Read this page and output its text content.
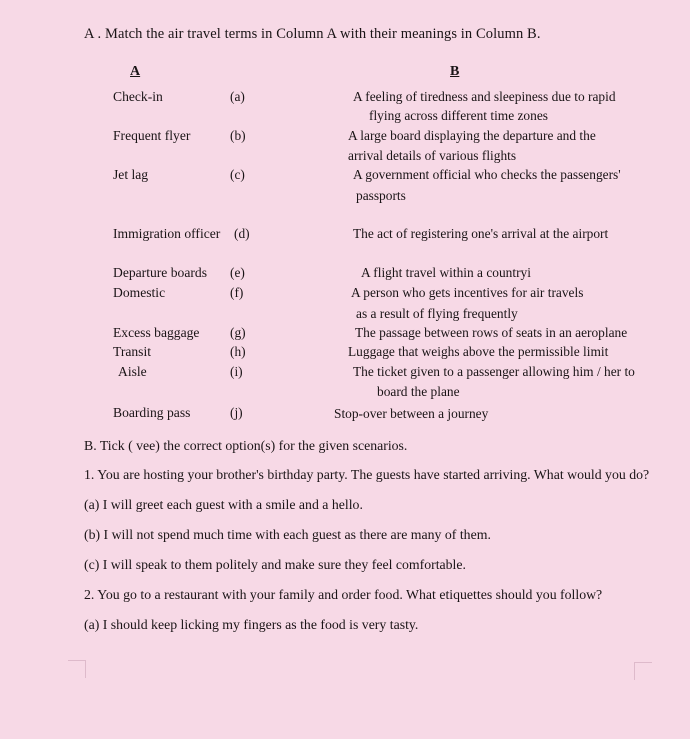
A . Match the air travel terms in Column A with their meanings in Column B.
A	B
Check-in
Frequent flyer
Jet lag
Immigration officer
Departure boards
Domestic
Excess baggage
Transit
Aisle
Boarding pass
(a)
(b)
(c)
(d)
(e)
(f)
(g)
(h)
(i)
(j)
A feeling of tiredness and sleepiness due to rapid
flying across different time zones
A large board displaying the departure and the
arrival details of various flights
A government official who checks the passengers'
passports
The act of registering one's arrival at the airport
A flight travel within a countryi
A person who gets incentives for air travels
as a result of flying frequently
The passage between rows of seats in an aeroplane
Luggage that weighs above the permissible limit
The ticket given to a passenger allowing him / her to
board the plane
Stop-over between a journey
B. Tick ( vee) the correct option(s) for the given scenarios.
1. You are hosting your brother's birthday party. The guests have started arriving. What would you do?
(a) I will greet each guest with a smile and a hello.
(b) I will not spend much time with each guest as there are many of them.
(c) I will speak to them politely and make sure they feel comfortable.
2. You go to a restaurant with your family and order food. What etiquettes should you follow?
(a) I should keep licking my fingers as the food is very tasty.
